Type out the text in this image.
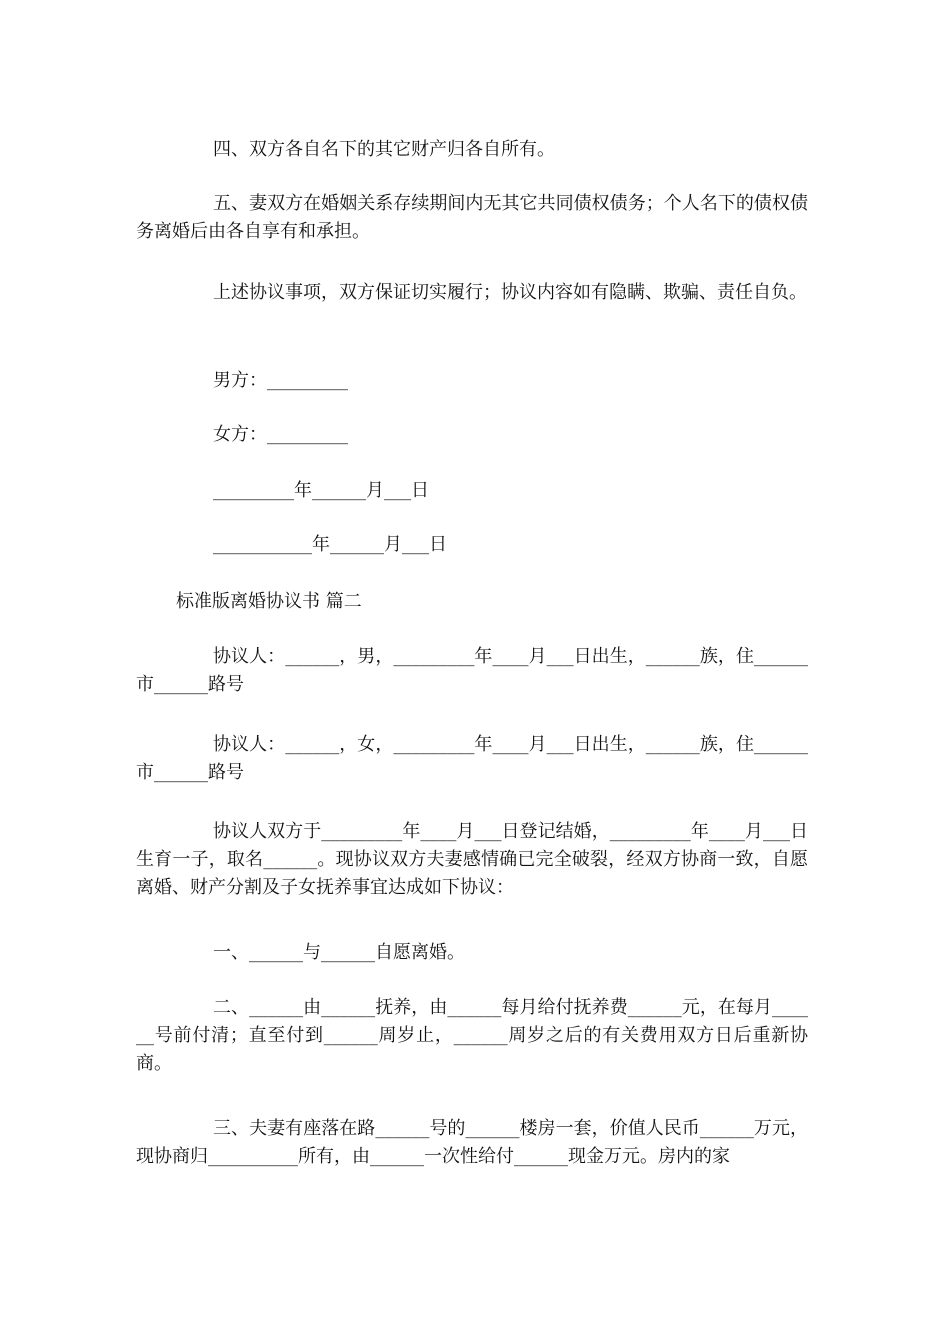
四、双方各自名下的其它财产归各自所有。

五、妻双方在婚姻关系存续期间内无其它共同债权债务；个人名下的债权债务离婚后由各自享有和承担。

上述协议事项，双方保证切实履行；协议内容如有隐瞒、欺骗、责任自负。

男方：_________

女方：_________

_________年______月___日

___________年______月___日

标准版离婚协议书 篇二

协议人：______，男，_________年____月___日出生，______族，住______市______路号

协议人：______，女，_________年____月___日出生，______族，住______市______路号

协议人双方于_________年____月___日登记结婚，_________年____月___日生育一子，取名______。现协议双方夫妻感情确已完全破裂，经双方协商一致，自愿离婚、财产分割及子女抚养事宜达成如下协议：

一、______与______自愿离婚。

二、______由______抚养，由______每月给付抚养费______元，在每月______号前付清；直至付到______周岁止，______周岁之后的有关费用双方日后重新协商。

三、夫妻有座落在路______号的______楼房一套，价值人民币______万元，现协商归__________所有，由______一次性给付______现金万元。房内的家
